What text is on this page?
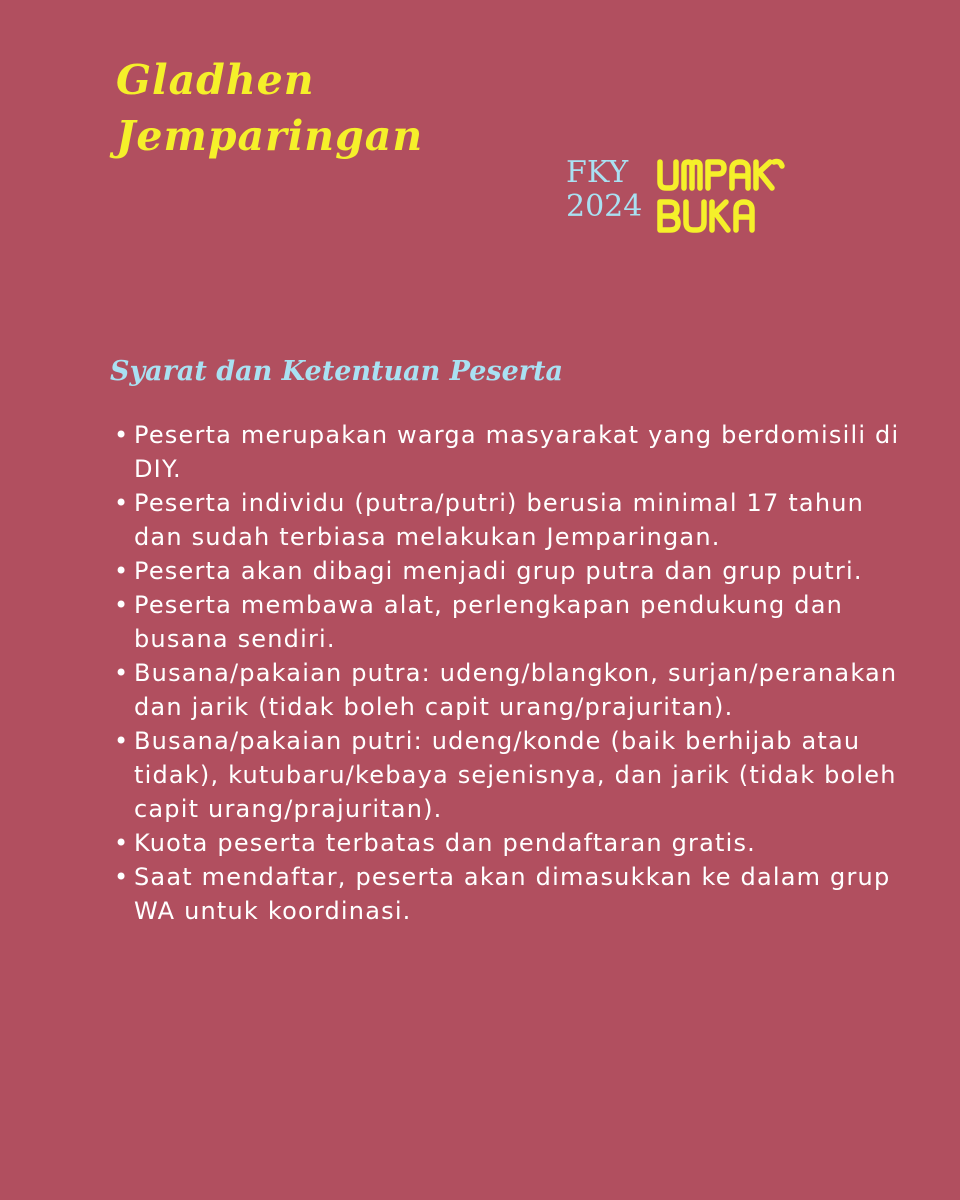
Gladhen
Jemparingan
FKY
2024
Syarat dan Ketentuan Peserta
• Peserta merupakan warga masyarakat yang berdomisili di DIY.
• Peserta individu (putra/putri) berusia minimal 17 tahun dan sudah terbiasa melakukan Jemparingan.
• Peserta akan dibagi menjadi grup putra dan grup putri.
• Peserta membawa alat, perlengkapan pendukung dan busana sendiri.
• Busana/pakaian putra: udeng/blangkon, surjan/peranakan dan jarik (tidak boleh capit urang/prajuritan).
• Busana/pakaian putri: udeng/konde (baik berhijab atau tidak), kutubaru/kebaya sejenisnya, dan jarik (tidak boleh capit urang/prajuritan).
• Kuota peserta terbatas dan pendaftaran gratis.
• Saat mendaftar, peserta akan dimasukkan ke dalam grup WA untuk koordinasi.
